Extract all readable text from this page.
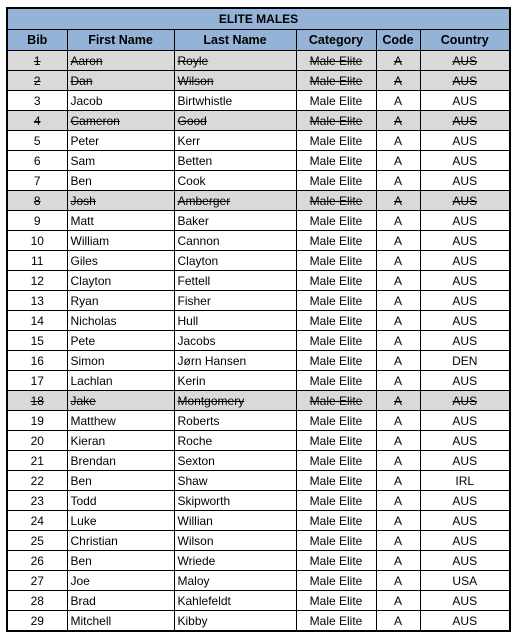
ELITE MALES
Bib	First Name	Last Name	Category	Code	Country
1	Aaron	Royle	Male Elite	A	AUS
2	Dan	Wilson	Male Elite	A	AUS
3	Jacob	Birtwhistle	Male Elite	A	AUS
4	Cameron	Good	Male Elite	A	AUS
5	Peter	Kerr	Male Elite	A	AUS
6	Sam	Betten	Male Elite	A	AUS
7	Ben	Cook	Male Elite	A	AUS
8	Josh	Amberger	Male Elite	A	AUS
9	Matt	Baker	Male Elite	A	AUS
10	William	Cannon	Male Elite	A	AUS
11	Giles	Clayton	Male Elite	A	AUS
12	Clayton	Fettell	Male Elite	A	AUS
13	Ryan	Fisher	Male Elite	A	AUS
14	Nicholas	Hull	Male Elite	A	AUS
15	Pete	Jacobs	Male Elite	A	AUS
16	Simon	Jørn Hansen	Male Elite	A	DEN
17	Lachlan	Kerin	Male Elite	A	AUS
18	Jake	Montgomery	Male Elite	A	AUS
19	Matthew	Roberts	Male Elite	A	AUS
20	Kieran	Roche	Male Elite	A	AUS
21	Brendan	Sexton	Male Elite	A	AUS
22	Ben	Shaw	Male Elite	A	IRL
23	Todd	Skipworth	Male Elite	A	AUS
24	Luke	Willian	Male Elite	A	AUS
25	Christian	Wilson	Male Elite	A	AUS
26	Ben	Wriede	Male Elite	A	AUS
27	Joe	Maloy	Male Elite	A	USA
28	Brad	Kahlefeldt	Male Elite	A	AUS
29	Mitchell	Kibby	Male Elite	A	AUS
